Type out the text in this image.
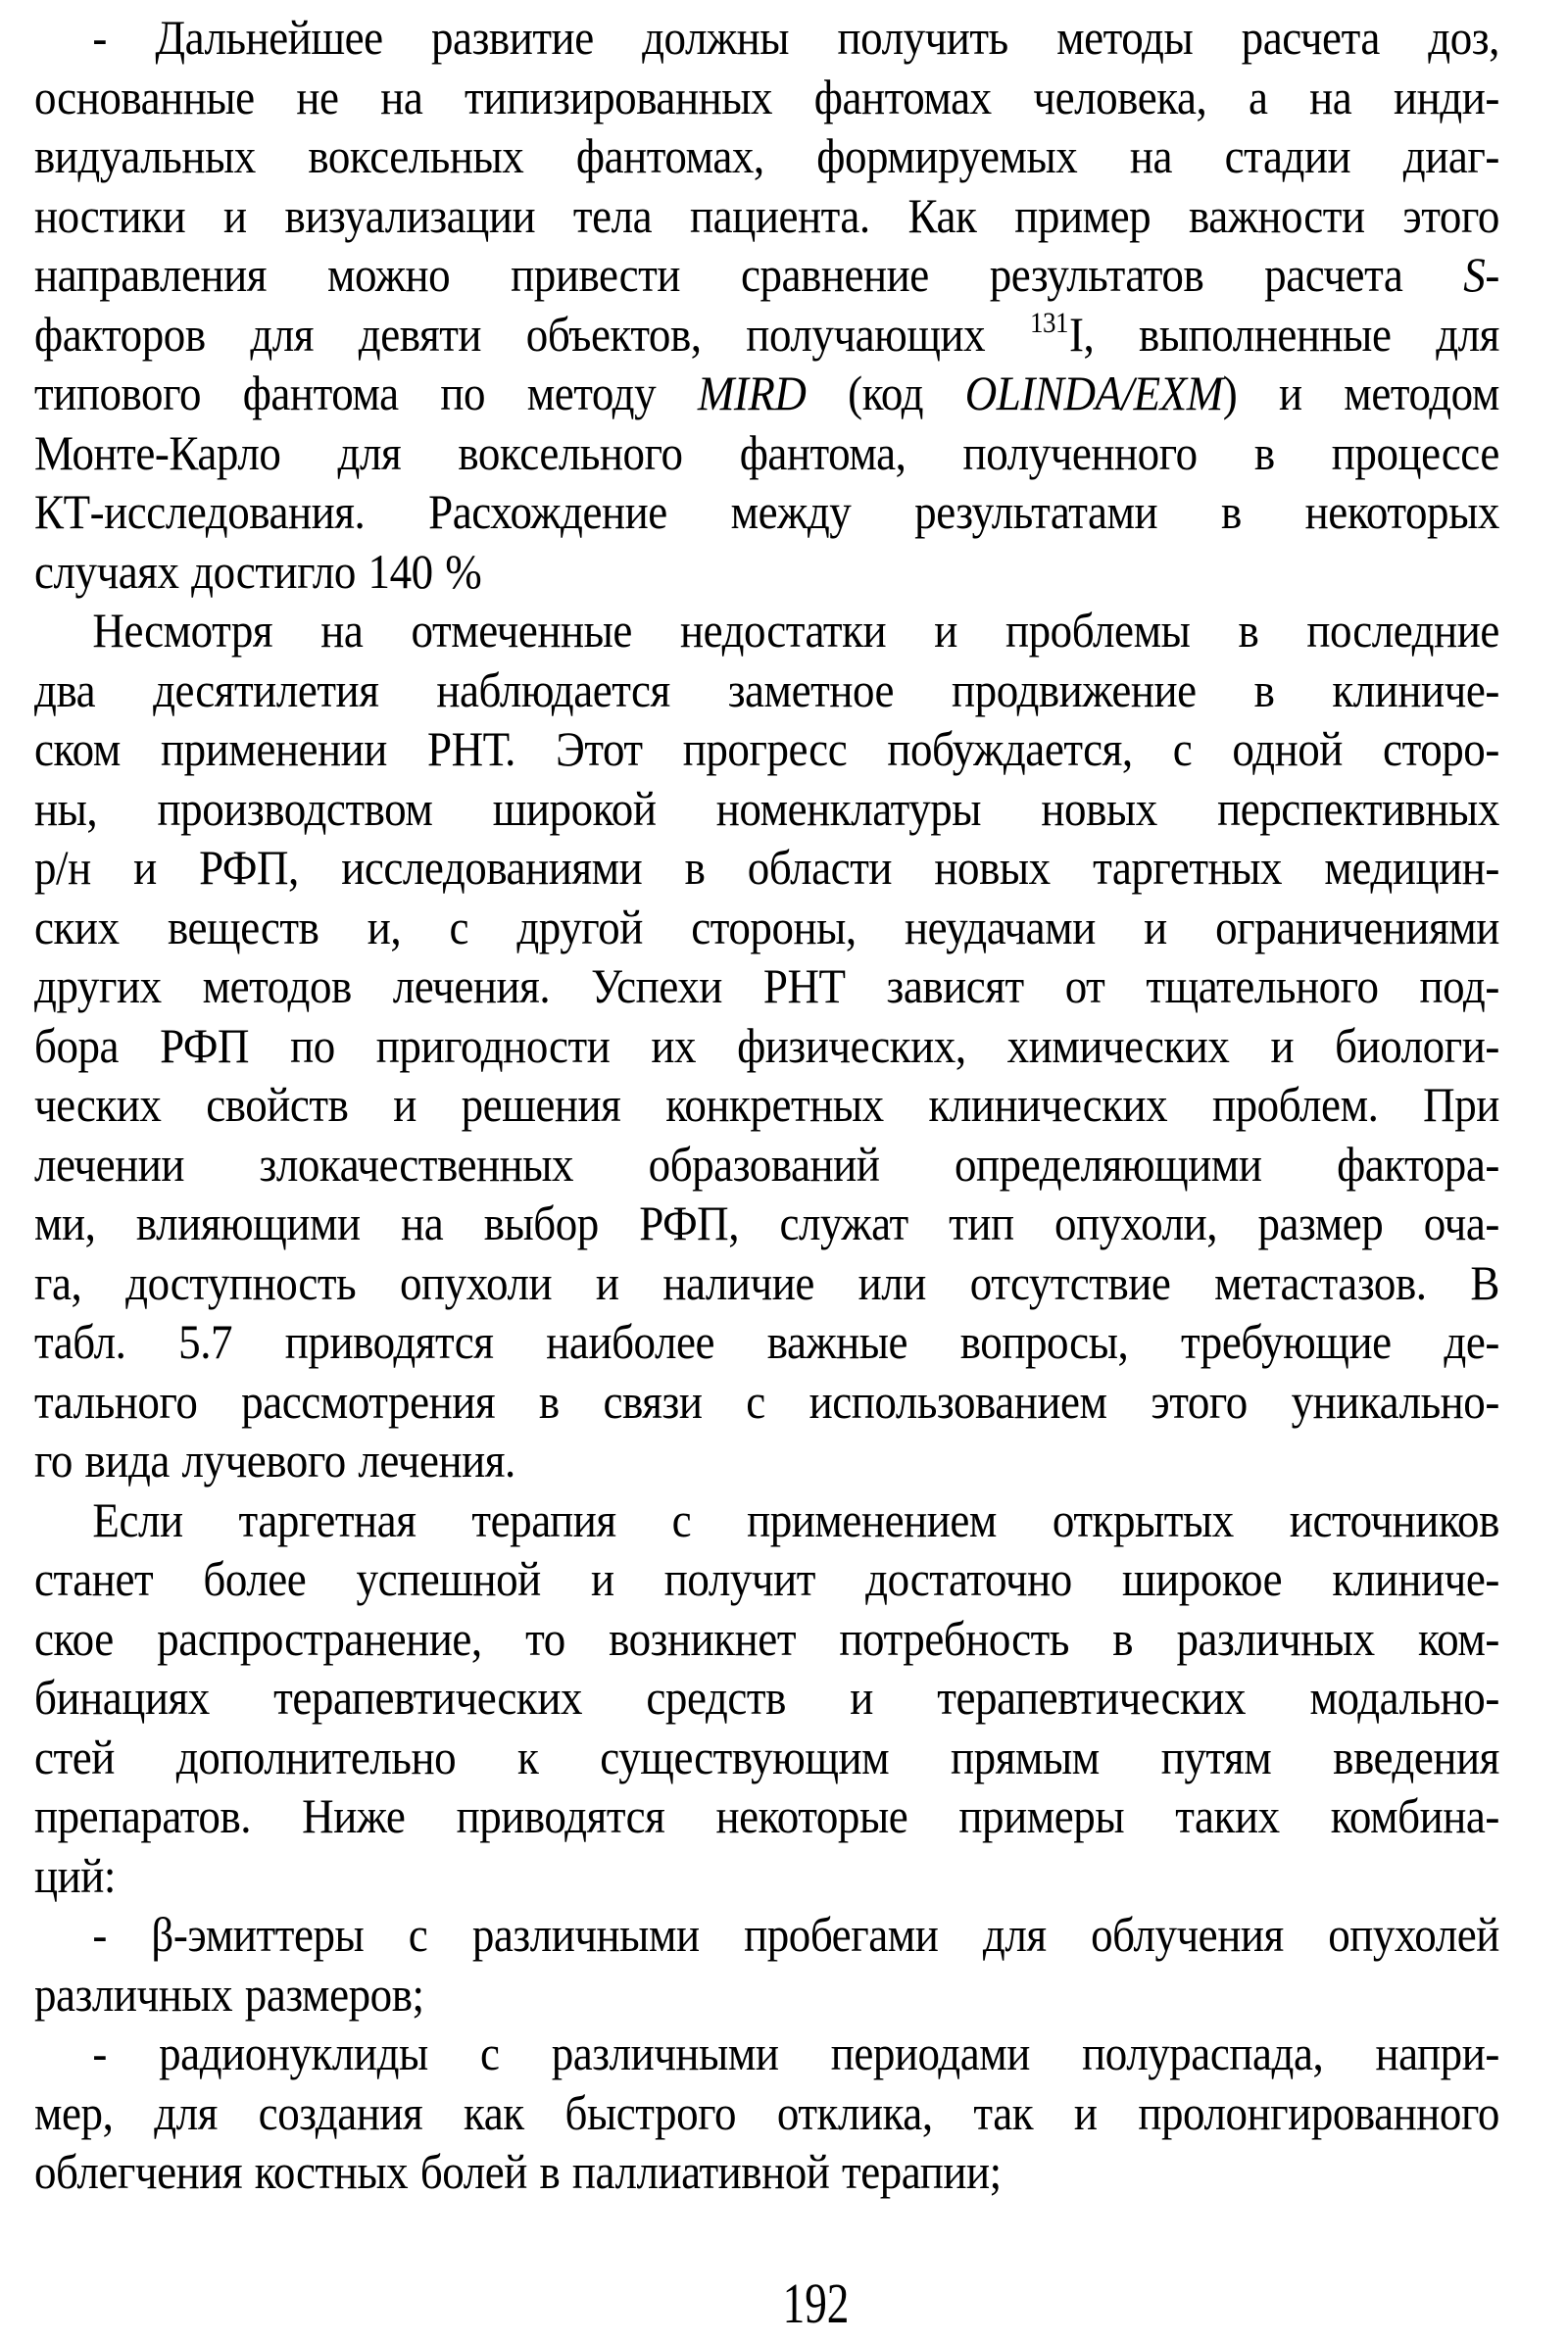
- Дальнейшее развитие должны получить методы расчета доз,
основанные не на типизированных фантомах человека, а на инди-
видуальных воксельных фантомах, формируемых на стадии диаг-
ностики и визуализации тела пациента. Как пример важности этого
направления можно привести сравнение результатов расчета S-
факторов для девяти объектов, получающих $^{131}$I, выполненные для
типового фантома по методу MIRD (код OLINDA/EXM) и методом
Монте-Карло для воксельного фантома, полученного в процессе
КТ-исследования. Расхождение между результатами в некоторых
случаях достигло 140 %
Несмотря на отмеченные недостатки и проблемы в последние
два десятилетия наблюдается заметное продвижение в клиниче-
ском применении РНТ. Этот прогресс побуждается, с одной сторо-
ны, производством широкой номенклатуры новых перспективных
р/н и РФП, исследованиями в области новых таргетных медицин-
ских веществ и, с другой стороны, неудачами и ограничениями
других методов лечения. Успехи РНТ зависят от тщательного под-
бора РФП по пригодности их физических, химических и биологи-
ческих свойств и решения конкретных клинических проблем. При
лечении злокачественных образований определяющими фактора-
ми, влияющими на выбор РФП, служат тип опухоли, размер оча-
га, доступность опухоли и наличие или отсутствие метастазов. В
табл. 5.7 приводятся наиболее важные вопросы, требующие де-
тального рассмотрения в связи с использованием этого уникально-
го вида лучевого лечения.
Если таргетная терапия с применением открытых источников
станет более успешной и получит достаточно широкое клиниче-
ское распространение, то возникнет потребность в различных ком-
бинациях терапевтических средств и терапевтических модально-
стей дополнительно к существующим прямым путям введения
препаратов. Ниже приводятся некоторые примеры таких комбина-
ций:
- β-эмиттеры с различными пробегами для облучения опухолей
различных размеров;
- радионуклиды с различными периодами полураспада, напри-
мер, для создания как быстрого отклика, так и пролонгированного
облегчения костных болей в паллиативной терапии;
192
